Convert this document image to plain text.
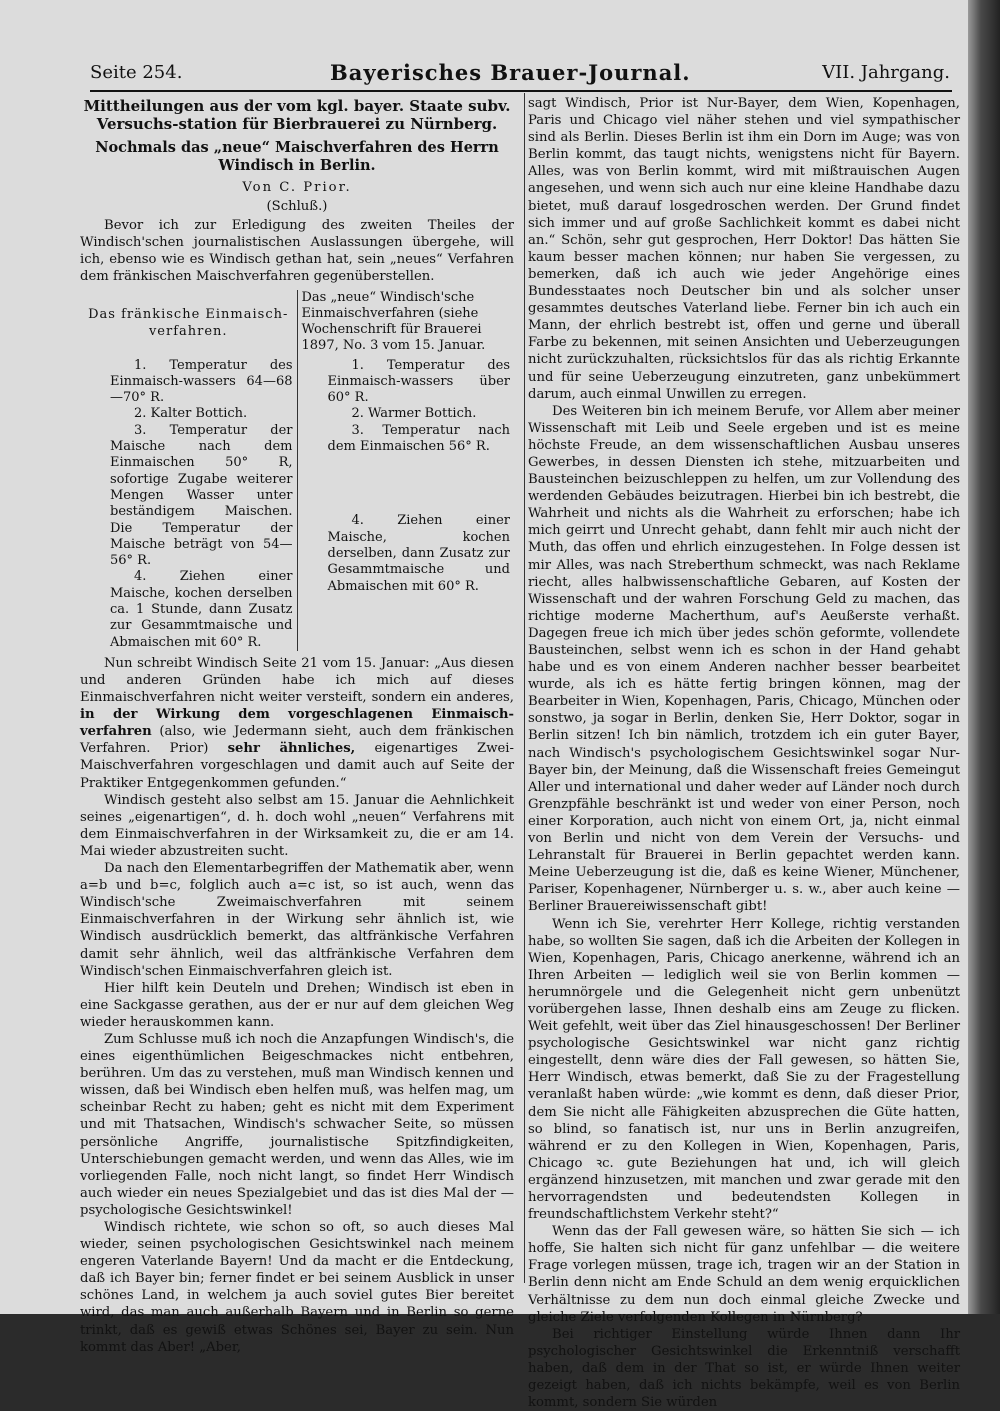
Seite 254.	Bayerisches Brauer-Journal.	VII. Jahrgang.
Mittheilungen aus der vom kgl. bayer. Staate subv. Versuchs-station für Bierbrauerei zu Nürnberg.
Nochmals das „neue“ Maischverfahren des Herrn Windisch in Berlin.
Von C. Prior.
(Schluß.)

Bevor ich zur Erledigung des zweiten Theiles der Windisch'schen journalistischen Auslassungen übergehe, will ich, ebenso wie es Windisch gethan hat, sein „neues“ Verfahren dem fränkischen Maischverfahren gegenüberstellen.

Das fränkische Einmaisch-verfahren.

1. Temperatur des Einmaisch-wassers 64—68—70° R.

2. Kalter Bottich.

3. Temperatur der Maische nach dem Einmaischen 50° R, sofortige Zugabe weiterer Mengen Wasser unter beständigem Maischen. Die Temperatur der Maische beträgt von 54—56° R.

4. Ziehen einer Maische, kochen derselben ca. 1 Stunde, dann Zusatz zur Gesammtmaische und Abmaischen mit 60° R.

Das „neue“ Windisch'sche Einmaischverfahren (siehe Wochenschrift für Brauerei 1897, No. 3 vom 15. Januar.

1. Temperatur des Einmaisch-wassers über 60° R.

2. Warmer Bottich.

3. Temperatur nach dem Einmaischen 56° R.

4. Ziehen einer Maische, kochen derselben, dann Zusatz zur Gesammtmaische und Abmaischen mit 60° R.

Nun schreibt Windisch Seite 21 vom 15. Januar: „Aus diesen und anderen Gründen habe ich mich auf dieses Einmaischverfahren nicht weiter versteift, sondern ein anderes, in der Wirkung dem vorgeschlagenen Einmaisch-verfahren (also, wie Jedermann sieht, auch dem fränkischen Verfahren. Prior) sehr ähnliches, eigenartiges Zwei-Maischverfahren vorgeschlagen und damit auch auf Seite der Praktiker Entgegenkommen gefunden.“

Windisch gesteht also selbst am 15. Januar die Aehnlichkeit seines „eigenartigen“, d. h. doch wohl „neuen“ Verfahrens mit dem Einmaischverfahren in der Wirksamkeit zu, die er am 14. Mai wieder abzustreiten sucht.

Da nach den Elementarbegriffen der Mathematik aber, wenn a=b und b=c, folglich auch a=c ist, so ist auch, wenn das Windisch'sche Zweimaischverfahren mit seinem Einmaischverfahren in der Wirkung sehr ähnlich ist, wie Windisch ausdrücklich bemerkt, das altfränkische Verfahren damit sehr ähnlich, weil das altfränkische Verfahren dem Windisch'schen Einmaischverfahren gleich ist.

Hier hilft kein Deuteln und Drehen; Windisch ist eben in eine Sackgasse gerathen, aus der er nur auf dem gleichen Weg wieder herauskommen kann.

Zum Schlusse muß ich noch die Anzapfungen Windisch's, die eines eigenthümlichen Beigeschmackes nicht entbehren, berühren. Um das zu verstehen, muß man Windisch kennen und wissen, daß bei Windisch eben helfen muß, was helfen mag, um scheinbar Recht zu haben; geht es nicht mit dem Experiment und mit Thatsachen, Windisch's schwacher Seite, so müssen persönliche Angriffe, journalistische Spitzfindigkeiten, Unterschiebungen gemacht werden, und wenn das Alles, wie im vorliegenden Falle, noch nicht langt, so findet Herr Windisch auch wieder ein neues Spezialgebiet und das ist dies Mal der — psychologische Gesichtswinkel!

Windisch richtete, wie schon so oft, so auch dieses Mal wieder, seinen psychologischen Gesichtswinkel nach meinem engeren Vaterlande Bayern! Und da macht er die Entdeckung, daß ich Bayer bin; ferner findet er bei seinem Ausblick in unser schönes Land, in welchem ja auch soviel gutes Bier bereitet wird, das man auch außerhalb Bayern und in Berlin so gerne trinkt, daß es gewiß etwas Schönes sei, Bayer zu sein. Nun kommt das Aber! „Aber,

sagt Windisch, Prior ist Nur-Bayer, dem Wien, Kopenhagen, Paris und Chicago viel näher stehen und viel sympathischer sind als Berlin. Dieses Berlin ist ihm ein Dorn im Auge; was von Berlin kommt, das taugt nichts, wenigstens nicht für Bayern. Alles, was von Berlin kommt, wird mit mißtrauischen Augen angesehen, und wenn sich auch nur eine kleine Handhabe dazu bietet, muß darauf losgedroschen werden. Der Grund findet sich immer und auf große Sachlichkeit kommt es dabei nicht an.“ Schön, sehr gut gesprochen, Herr Doktor! Das hätten Sie kaum besser machen können; nur haben Sie vergessen, zu bemerken, daß ich auch wie jeder Angehörige eines Bundesstaates noch Deutscher bin und als solcher unser gesammtes deutsches Vaterland liebe. Ferner bin ich auch ein Mann, der ehrlich bestrebt ist, offen und gerne und überall Farbe zu bekennen, mit seinen Ansichten und Ueberzeugungen nicht zurückzuhalten, rücksichtslos für das als richtig Erkannte und für seine Ueberzeugung einzutreten, ganz unbekümmert darum, auch einmal Unwillen zu erregen.

Des Weiteren bin ich meinem Berufe, vor Allem aber meiner Wissenschaft mit Leib und Seele ergeben und ist es meine höchste Freude, an dem wissenschaftlichen Ausbau unseres Gewerbes, in dessen Diensten ich stehe, mitzuarbeiten und Bausteinchen beizuschleppen zu helfen, um zur Vollendung des werdenden Gebäudes beizutragen. Hierbei bin ich bestrebt, die Wahrheit und nichts als die Wahrheit zu erforschen; habe ich mich geirrt und Unrecht gehabt, dann fehlt mir auch nicht der Muth, das offen und ehrlich einzugestehen. In Folge dessen ist mir Alles, was nach Streberthum schmeckt, was nach Reklame riecht, alles halbwissenschaftliche Gebaren, auf Kosten der Wissenschaft und der wahren Forschung Geld zu machen, das richtige moderne Macherthum, auf's Aeußerste verhaßt. Dagegen freue ich mich über jedes schön geformte, vollendete Bausteinchen, selbst wenn ich es schon in der Hand gehabt habe und es von einem Anderen nachher besser bearbeitet wurde, als ich es hätte fertig bringen können, mag der Bearbeiter in Wien, Kopenhagen, Paris, Chicago, München oder sonstwo, ja sogar in Berlin, denken Sie, Herr Doktor, sogar in Berlin sitzen! Ich bin nämlich, trotzdem ich ein guter Bayer, nach Windisch's psychologischem Gesichtswinkel sogar Nur-Bayer bin, der Meinung, daß die Wissenschaft freies Gemeingut Aller und international und daher weder auf Länder noch durch Grenzpfähle beschränkt ist und weder von einer Person, noch einer Korporation, auch nicht von einem Ort, ja, nicht einmal von Berlin und nicht von dem Verein der Versuchs- und Lehranstalt für Brauerei in Berlin gepachtet werden kann. Meine Ueberzeugung ist die, daß es keine Wiener, Münchener, Pariser, Kopenhagener, Nürnberger u. s. w., aber auch keine — Berliner Brauereiwissenschaft gibt!

Wenn ich Sie, verehrter Herr Kollege, richtig verstanden habe, so wollten Sie sagen, daß ich die Arbeiten der Kollegen in Wien, Kopenhagen, Paris, Chicago anerkenne, während ich an Ihren Arbeiten — lediglich weil sie von Berlin kommen — herumnörgele und die Gelegenheit nicht gern unbenützt vorübergehen lasse, Ihnen deshalb eins am Zeuge zu flicken. Weit gefehlt, weit über das Ziel hinausgeschossen! Der Berliner psychologische Gesichtswinkel war nicht ganz richtig eingestellt, denn wäre dies der Fall gewesen, so hätten Sie, Herr Windisch, etwas bemerkt, daß Sie zu der Fragestellung veranlaßt haben würde: „wie kommt es denn, daß dieser Prior, dem Sie nicht alle Fähigkeiten abzusprechen die Güte hatten, so blind, so fanatisch ist, nur uns in Berlin anzugreifen, während er zu den Kollegen in Wien, Kopenhagen, Paris, Chicago ꝛc. gute Beziehungen hat und, ich will gleich ergänzend hinzusetzen, mit manchen und zwar gerade mit den hervorragendsten und bedeutendsten Kollegen in freundschaftlichstem Verkehr steht?“

Wenn das der Fall gewesen wäre, so hätten Sie sich — ich hoffe, Sie halten sich nicht für ganz unfehlbar — die weitere Frage vorlegen müssen, trage ich, tragen wir an der Station in Berlin denn nicht am Ende Schuld an dem wenig erquicklichen Verhältnisse zu dem nun doch einmal gleiche Zwecke und gleiche Ziele verfolgenden Kollegen in Nürnberg?

Bei richtiger Einstellung würde Ihnen dann Ihr psychologischer Gesichtswinkel die Erkenntniß verschafft haben, daß dem in der That so ist, er würde Ihnen weiter gezeigt haben, daß ich nichts bekämpfe, weil es von Berlin kommt, sondern Sie würden
